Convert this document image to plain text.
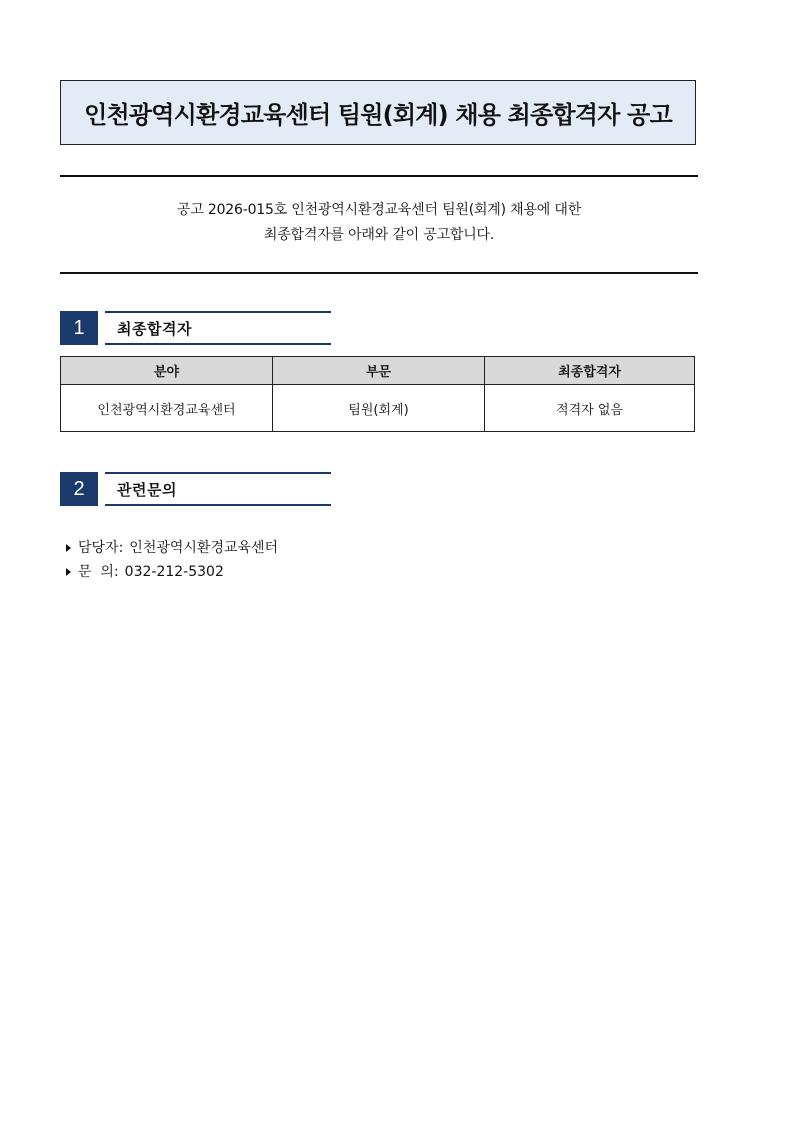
인천광역시환경교육센터 팀원(회계) 채용 최종합격자 공고
공고 2026-015호 인천광역시환경교육센터 팀원(회계) 채용에 대한
최종합격자를 아래와 같이 공고합니다.
1	최종합격자
분야	부문	최종합격자
인천광역시환경교육센터	팀원(회계)	적격자 없음
2	관련문의
담당자: 인천광역시환경교육센터
문  의: 032-212-5302
